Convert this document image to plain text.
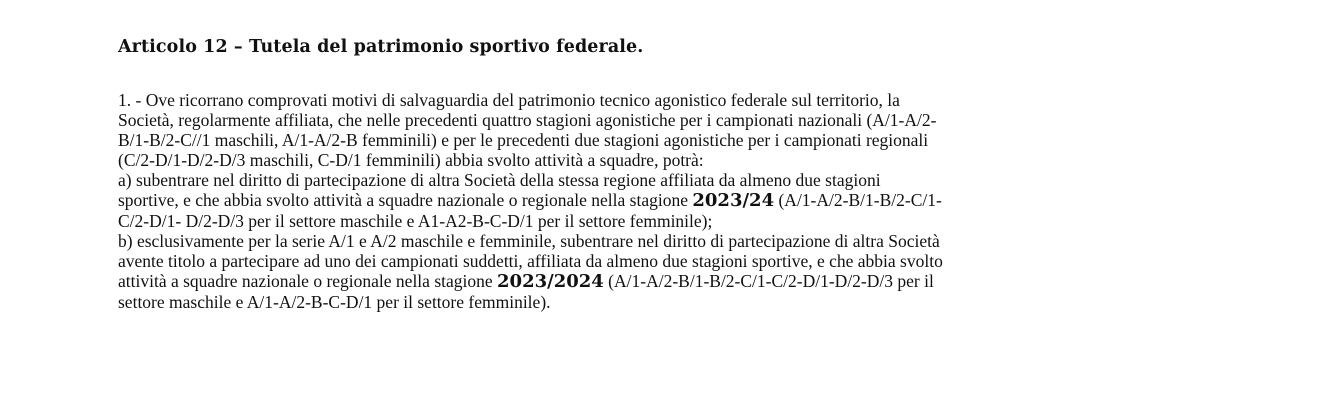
Articolo 12 – Tutela del patrimonio sportivo federale.
1. - Ove ricorrano comprovati motivi di salvaguardia del patrimonio tecnico agonistico federale sul territorio, la
Società, regolarmente affiliata, che nelle precedenti quattro stagioni agonistiche per i campionati nazionali (A/1-A/2-
B/1-B/2-C//1 maschili, A/1-A/2-B femminili) e per le precedenti due stagioni agonistiche per i campionati regionali
(C/2-D/1-D/2-D/3 maschili, C-D/1 femminili) abbia svolto attività a squadre, potrà:
a) subentrare nel diritto di partecipazione di altra Società della stessa regione affiliata da almeno due stagioni
sportive, e che abbia svolto attività a squadre nazionale o regionale nella stagione 2023/24 (A/1-A/2-B/1-B/2-C/1-
C/2-D/1- D/2-D/3 per il settore maschile e A1-A2-B-C-D/1 per il settore femminile);
b) esclusivamente per la serie A/1 e A/2 maschile e femminile, subentrare nel diritto di partecipazione di altra Società
avente titolo a partecipare ad uno dei campionati suddetti, affiliata da almeno due stagioni sportive, e che abbia svolto
attività a squadre nazionale o regionale nella stagione 2023/2024 (A/1-A/2-B/1-B/2-C/1-C/2-D/1-D/2-D/3 per il
settore maschile e A/1-A/2-B-C-D/1 per il settore femminile).
